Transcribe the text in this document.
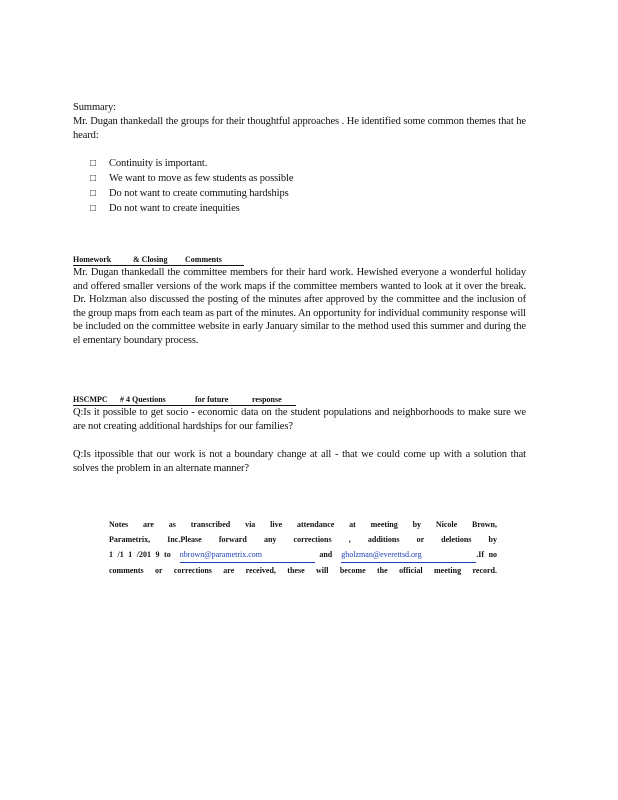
Summary:
Mr. Dugan thankedall the groups for their thoughtful approaches . He identified some common themes that he heard:
□ Continuity is important.
□ We want to move as few students as possible
□ Do not want to create commuting hardships
□ Do not want to create inequities
Homework	& Closing Comments
Mr. Dugan thankedall the committee members for their hard work. Hewished everyone a wonderful holiday and offered smaller versions of the work maps if the committee members wanted to look at it over the break. Dr. Holzman also discussed the posting of the minutes after approved by the committee and the inclusion of the group maps from each team as part of the minutes. An opportunity for individual community response will be included on the committee website in early January similar to the method used this summer and during the el ementary boundary process.
HSCMPC # 4 Questions	for future	response
Q:Is it possible to get socio - economic data on the student populations and neighborhoods to make sure we are not creating additional hardships for our families?
Q:Is itpossible that our work is not a boundary change at all - that we could come up with a solution that solves the problem in an alternate manner?
Notes are as transcribed via live attendance at meeting by Nicole Brown,
Parametrix, Inc.Please forward any corrections , additions or deletions by
1 /1 1 /201 9 to nbrown@parametrix.com	and gholzman@everettsd.org	.If no
comments or corrections are received, these will become the official meeting record.
